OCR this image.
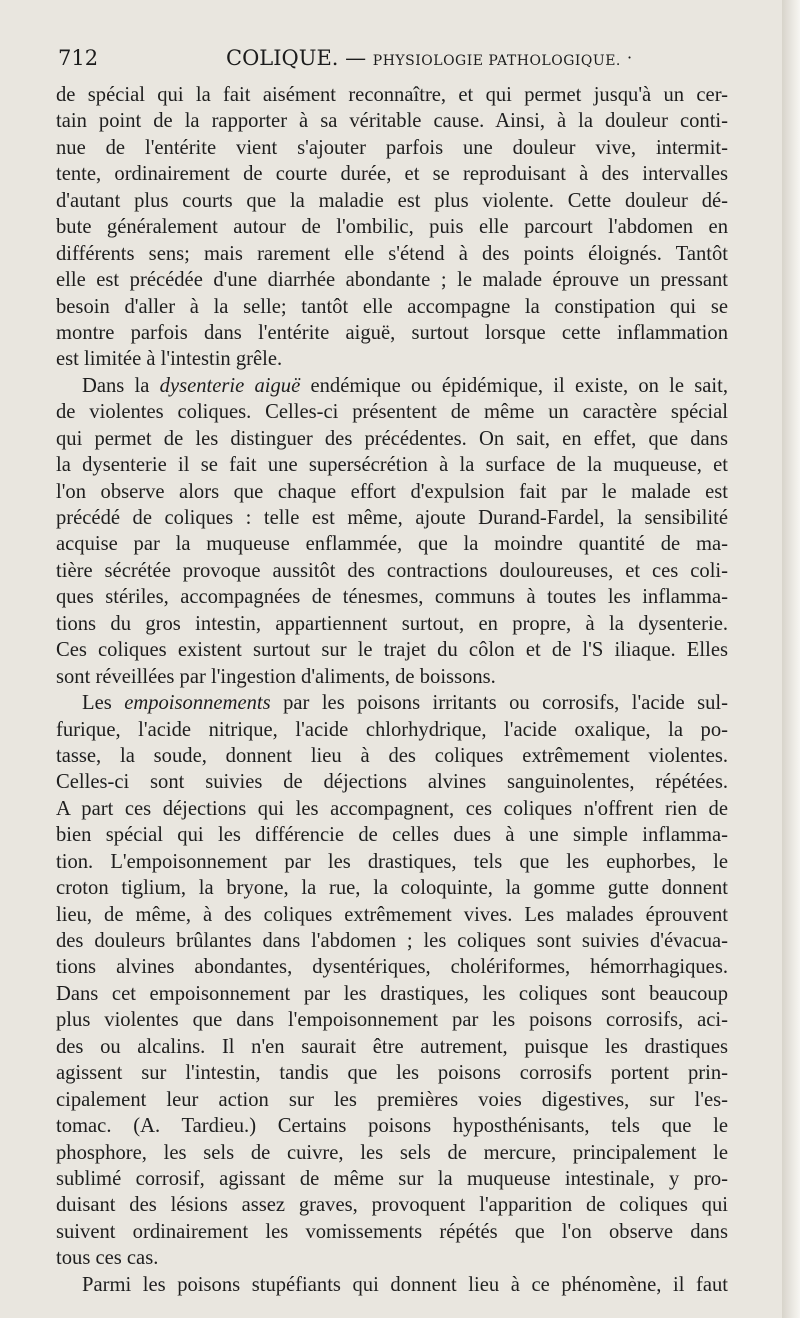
712	COLIQUE. — PHYSIOLOGIE PATHOLOGIQUE. ·
de spécial qui la fait aisément reconnaître, et qui permet jusqu'à un cer-
tain point de la rapporter à sa véritable cause. Ainsi, à la douleur conti-
nue de l'entérite vient s'ajouter parfois une douleur vive, intermit-
tente, ordinairement de courte durée, et se reproduisant à des intervalles
d'autant plus courts que la maladie est plus violente. Cette douleur dé-
bute généralement autour de l'ombilic, puis elle parcourt l'abdomen en
différents sens; mais rarement elle s'étend à des points éloignés. Tantôt
elle est précédée d'une diarrhée abondante ; le malade éprouve un pressant
besoin d'aller à la selle; tantôt elle accompagne la constipation qui se
montre parfois dans l'entérite aiguë, surtout lorsque cette inflammation
est limitée à l'intestin grêle.
Dans la dysenterie aiguë endémique ou épidémique, il existe, on le sait,
de violentes coliques. Celles-ci présentent de même un caractère spécial
qui permet de les distinguer des précédentes. On sait, en effet, que dans
la dysenterie il se fait une supersécrétion à la surface de la muqueuse, et
l'on observe alors que chaque effort d'expulsion fait par le malade est
précédé de coliques : telle est même, ajoute Durand-Fardel, la sensibilité
acquise par la muqueuse enflammée, que la moindre quantité de ma-
tière sécrétée provoque aussitôt des contractions douloureuses, et ces coli-
ques stériles, accompagnées de ténesmes, communs à toutes les inflamma-
tions du gros intestin, appartiennent surtout, en propre, à la dysenterie.
Ces coliques existent surtout sur le trajet du côlon et de l'S iliaque. Elles
sont réveillées par l'ingestion d'aliments, de boissons.
Les empoisonnements par les poisons irritants ou corrosifs, l'acide sul-
furique, l'acide nitrique, l'acide chlorhydrique, l'acide oxalique, la po-
tasse, la soude, donnent lieu à des coliques extrêmement violentes.
Celles-ci sont suivies de déjections alvines sanguinolentes, répétées.
A part ces déjections qui les accompagnent, ces coliques n'offrent rien de
bien spécial qui les différencie de celles dues à une simple inflamma-
tion. L'empoisonnement par les drastiques, tels que les euphorbes, le
croton tiglium, la bryone, la rue, la coloquinte, la gomme gutte donnent
lieu, de même, à des coliques extrêmement vives. Les malades éprouvent
des douleurs brûlantes dans l'abdomen ; les coliques sont suivies d'évacua-
tions alvines abondantes, dysentériques, cholériformes, hémorrhagiques.
Dans cet empoisonnement par les drastiques, les coliques sont beaucoup
plus violentes que dans l'empoisonnement par les poisons corrosifs, aci-
des ou alcalins. Il n'en saurait être autrement, puisque les drastiques
agissent sur l'intestin, tandis que les poisons corrosifs portent prin-
cipalement leur action sur les premières voies digestives, sur l'es-
tomac. (A. Tardieu.) Certains poisons hyposthénisants, tels que le
phosphore, les sels de cuivre, les sels de mercure, principalement le
sublimé corrosif, agissant de même sur la muqueuse intestinale, y pro-
duisant des lésions assez graves, provoquent l'apparition de coliques qui
suivent ordinairement les vomissements répétés que l'on observe dans
tous ces cas.
Parmi les poisons stupéfiants qui donnent lieu à ce phénomène, il faut
